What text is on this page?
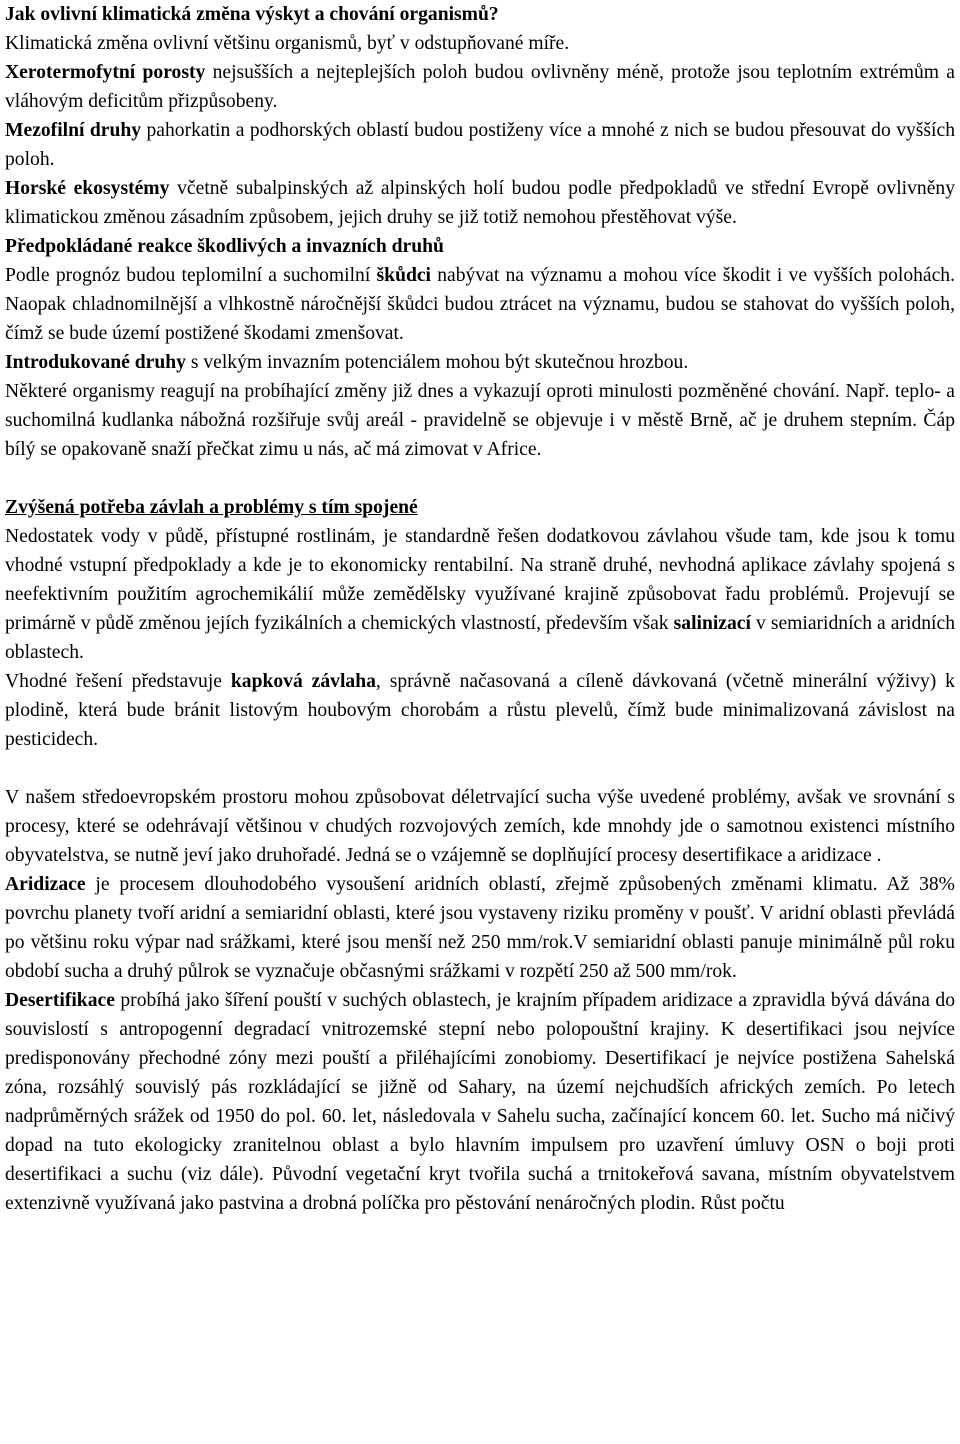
Jak ovlivní klimatická změna výskyt a chování organismů?
Klimatická změna ovlivní většinu organismů, byť v odstupňované míře.

Xerotermofytní porosty nejsušších a nejteplejších poloh budou ovlivněny méně, protože jsou teplotním extrémům a vláhovým deficitům přizpůsobeny.

Mezofilní druhy pahorkatin a podhorských oblastí budou postiženy více a mnohé z nich se budou přesouvat do vyšších poloh.

Horské ekosystémy včetně subalpinských až alpinských holí budou podle předpokladů ve střední Evropě ovlivněny klimatickou změnou zásadním způsobem, jejich druhy se již totiž nemohou přestěhovat výše.

Předpokládané reakce škodlivých a invazních druhů

Podle prognóz budou teplomilní a suchomilní škůdci nabývat na významu a mohou více škodit i ve vyšších polohách. Naopak chladnomilnější a vlhkostně náročnější škůdci budou ztrácet na významu, budou se stahovat do vyšších poloh, čímž se bude území postižené škodami zmenšovat.

Introdukované druhy s velkým invazním potenciálem mohou být skutečnou hrozbou.

Některé organismy reagují na probíhající změny již dnes a vykazují oproti minulosti pozměněné chování. Např. teplo- a suchomilná kudlanka nábožná rozšiřuje svůj areál - pravidelně se objevuje i v městě Brně, ač je druhem stepním. Čáp bílý se opakovaně snaží přečkat zimu u nás, ač má zimovat v Africe.

Zvýšená potřeba závlah a problémy s tím spojené

Nedostatek vody v půdě, přístupné rostlinám, je standardně řešen dodatkovou závlahou všude tam, kde jsou k tomu vhodné vstupní předpoklady a kde je to ekonomicky rentabilní. Na straně druhé, nevhodná aplikace závlahy spojená s neefektivním použitím agrochemikálií může zemědělsky využívané krajině způsobovat řadu problémů. Projevují se primárně v půdě změnou jejích fyzikálních a chemických vlastností, především však salinizací v semiaridních a aridních oblastech.

Vhodné řešení představuje kapková závlaha, správně načasovaná a cíleně dávkovaná (včetně minerální výživy) k plodině, která bude bránit listovým houbovým chorobám a růstu plevelů, čímž bude minimalizovaná závislost na pesticidech.

V našem středoevropském prostoru mohou způsobovat déletrvající sucha výše uvedené problémy, avšak ve srovnání s procesy, které se odehrávají většinou v chudých rozvojových zemích, kde mnohdy jde o samotnou existenci místního obyvatelstva, se nutně jeví jako druhořadé. Jedná se o vzájemně se doplňující procesy desertifikace a aridizace .

Aridizace je procesem dlouhodobého vysoušení aridních oblastí, zřejmě způsobených změnami klimatu. Až 38% povrchu planety tvoří aridní a semiaridní oblasti, které jsou vystaveny riziku proměny v poušť. V aridní oblasti převládá po většinu roku výpar nad srážkami, které jsou menší než 250 mm/rok.V semiaridní oblasti panuje minimálně půl roku období sucha a druhý půlrok se vyznačuje občasnými srážkami v rozpětí 250 až 500 mm/rok.

Desertifikace probíhá jako šíření pouští v suchých oblastech, je krajním případem aridizace a zpravidla bývá dávána do souvislostí s antropogenní degradací vnitrozemské stepní nebo polopouštní krajiny. K desertifikaci jsou nejvíce predisponovány přechodné zóny mezi pouští a přiléhajícími zonobiomy. Desertifikací je nejvíce postižena Sahelská zóna, rozsáhlý souvislý pás rozkládající se jižně od Sahary, na území nejchudších afrických zemích. Po letech nadprůměrných srážek od 1950 do pol. 60. let, následovala v Sahelu sucha, začínající koncem 60. let. Sucho má ničivý dopad na tuto ekologicky zranitelnou oblast a bylo hlavním impulsem pro uzavření úmluvy OSN o boji proti desertifikaci a suchu (viz dále). Původní vegetační kryt tvořila suchá a trnitokeřová savana, místním obyvatelstvem extenzivně využívaná jako pastvina a drobná políčka pro pěstování nenáročných plodin. Růst počtu
